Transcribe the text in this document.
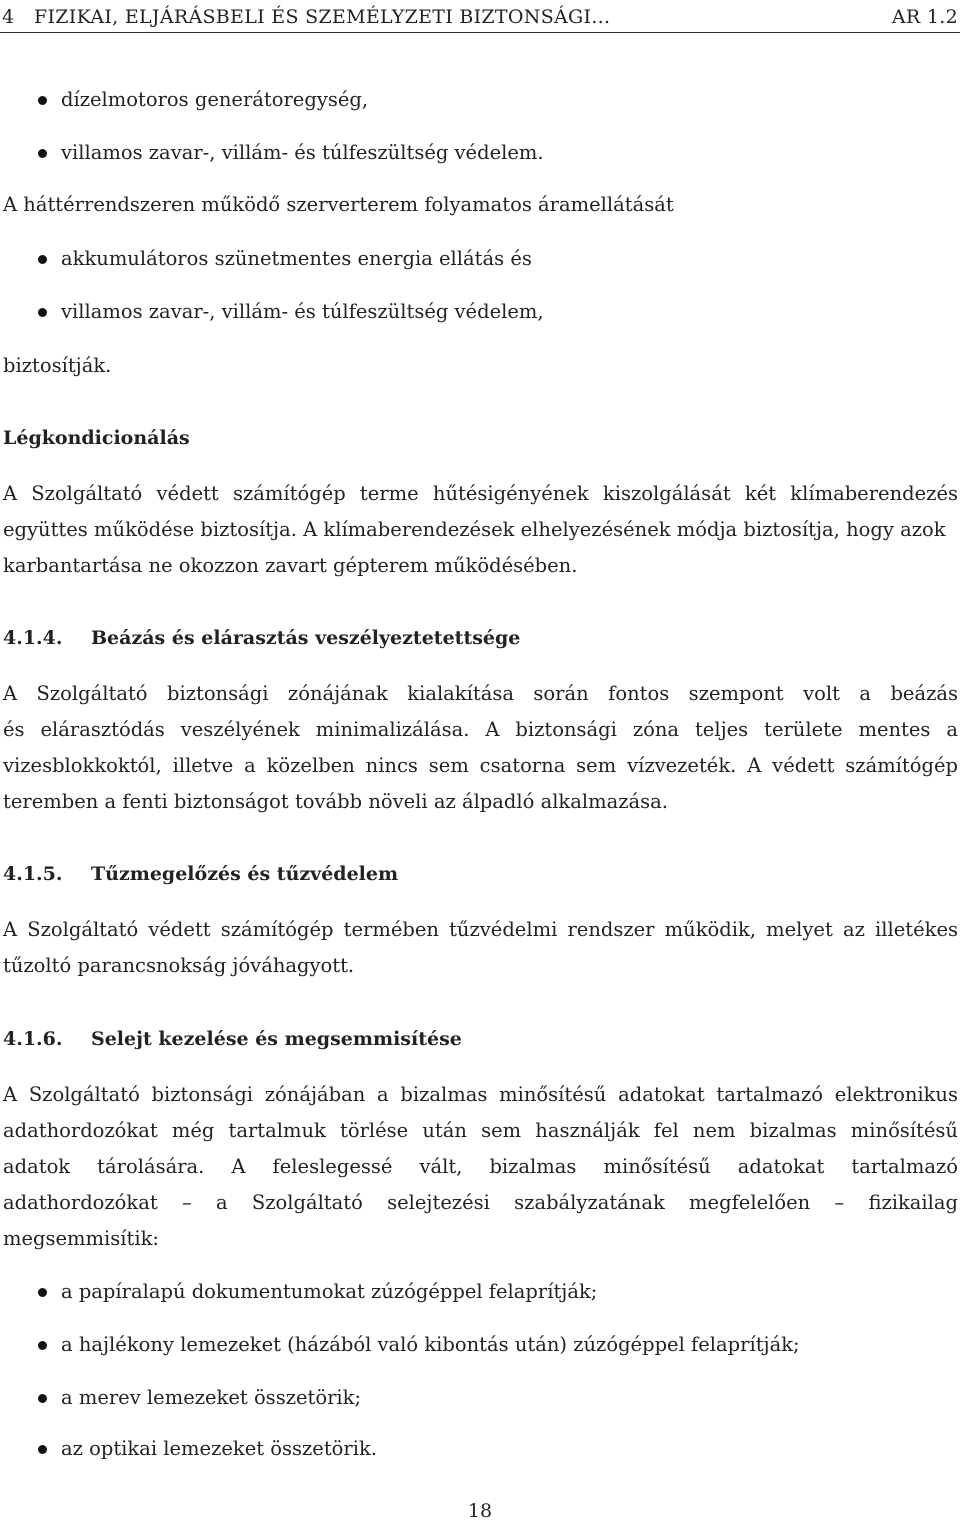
4 FIZIKAI, ELJÁRÁSBELI ÉS SZEMÉLYZETI BIZTONSÁGI...	AR 1.2
dízelmotoros generátoregység,
villamos zavar-, villám- és túlfeszültség védelem.
A háttérrendszeren működő szerverterem folyamatos áramellátását
akkumulátoros szünetmentes energia ellátás és
villamos zavar-, villám- és túlfeszültség védelem,
biztosítják.
Légkondicionálás
A Szolgáltató védett számítógép terme hűtésigényének kiszolgálását két klímaberendezés
együttes működése biztosítja. A klímaberendezések elhelyezésének módja biztosítja, hogy azok
karbantartása ne okozzon zavart gépterem működésében.
4.1.4. Beázás és elárasztás veszélyeztetettsége
A Szolgáltató biztonsági zónájának kialakítása során fontos szempont volt a beázás
és elárasztódás veszélyének minimalizálása. A biztonsági zóna teljes területe mentes a
vizesblokkoktól, illetve a közelben nincs sem csatorna sem vízvezeték. A védett számítógép
teremben a fenti biztonságot tovább növeli az álpadló alkalmazása.
4.1.5. Tűzmegelőzés és tűzvédelem
A Szolgáltató védett számítógép termében tűzvédelmi rendszer működik, melyet az illetékes
tűzoltó parancsnokság jóváhagyott.
4.1.6. Selejt kezelése és megsemmisítése
A Szolgáltató biztonsági zónájában a bizalmas minősítésű adatokat tartalmazó elektronikus
adathordozókat még tartalmuk törlése után sem használják fel nem bizalmas minősítésű
adatok tárolására. A feleslegessé vált, bizalmas minősítésű adatokat tartalmazó
adathordozókat – a Szolgáltató selejtezési szabályzatának megfelelően – fizikailag
megsemmisítik:
a papíralapú dokumentumokat zúzógéppel felaprítják;
a hajlékony lemezeket (házából való kibontás után) zúzógéppel felaprítják;
a merev lemezeket összetörik;
az optikai lemezeket összetörik.
18
